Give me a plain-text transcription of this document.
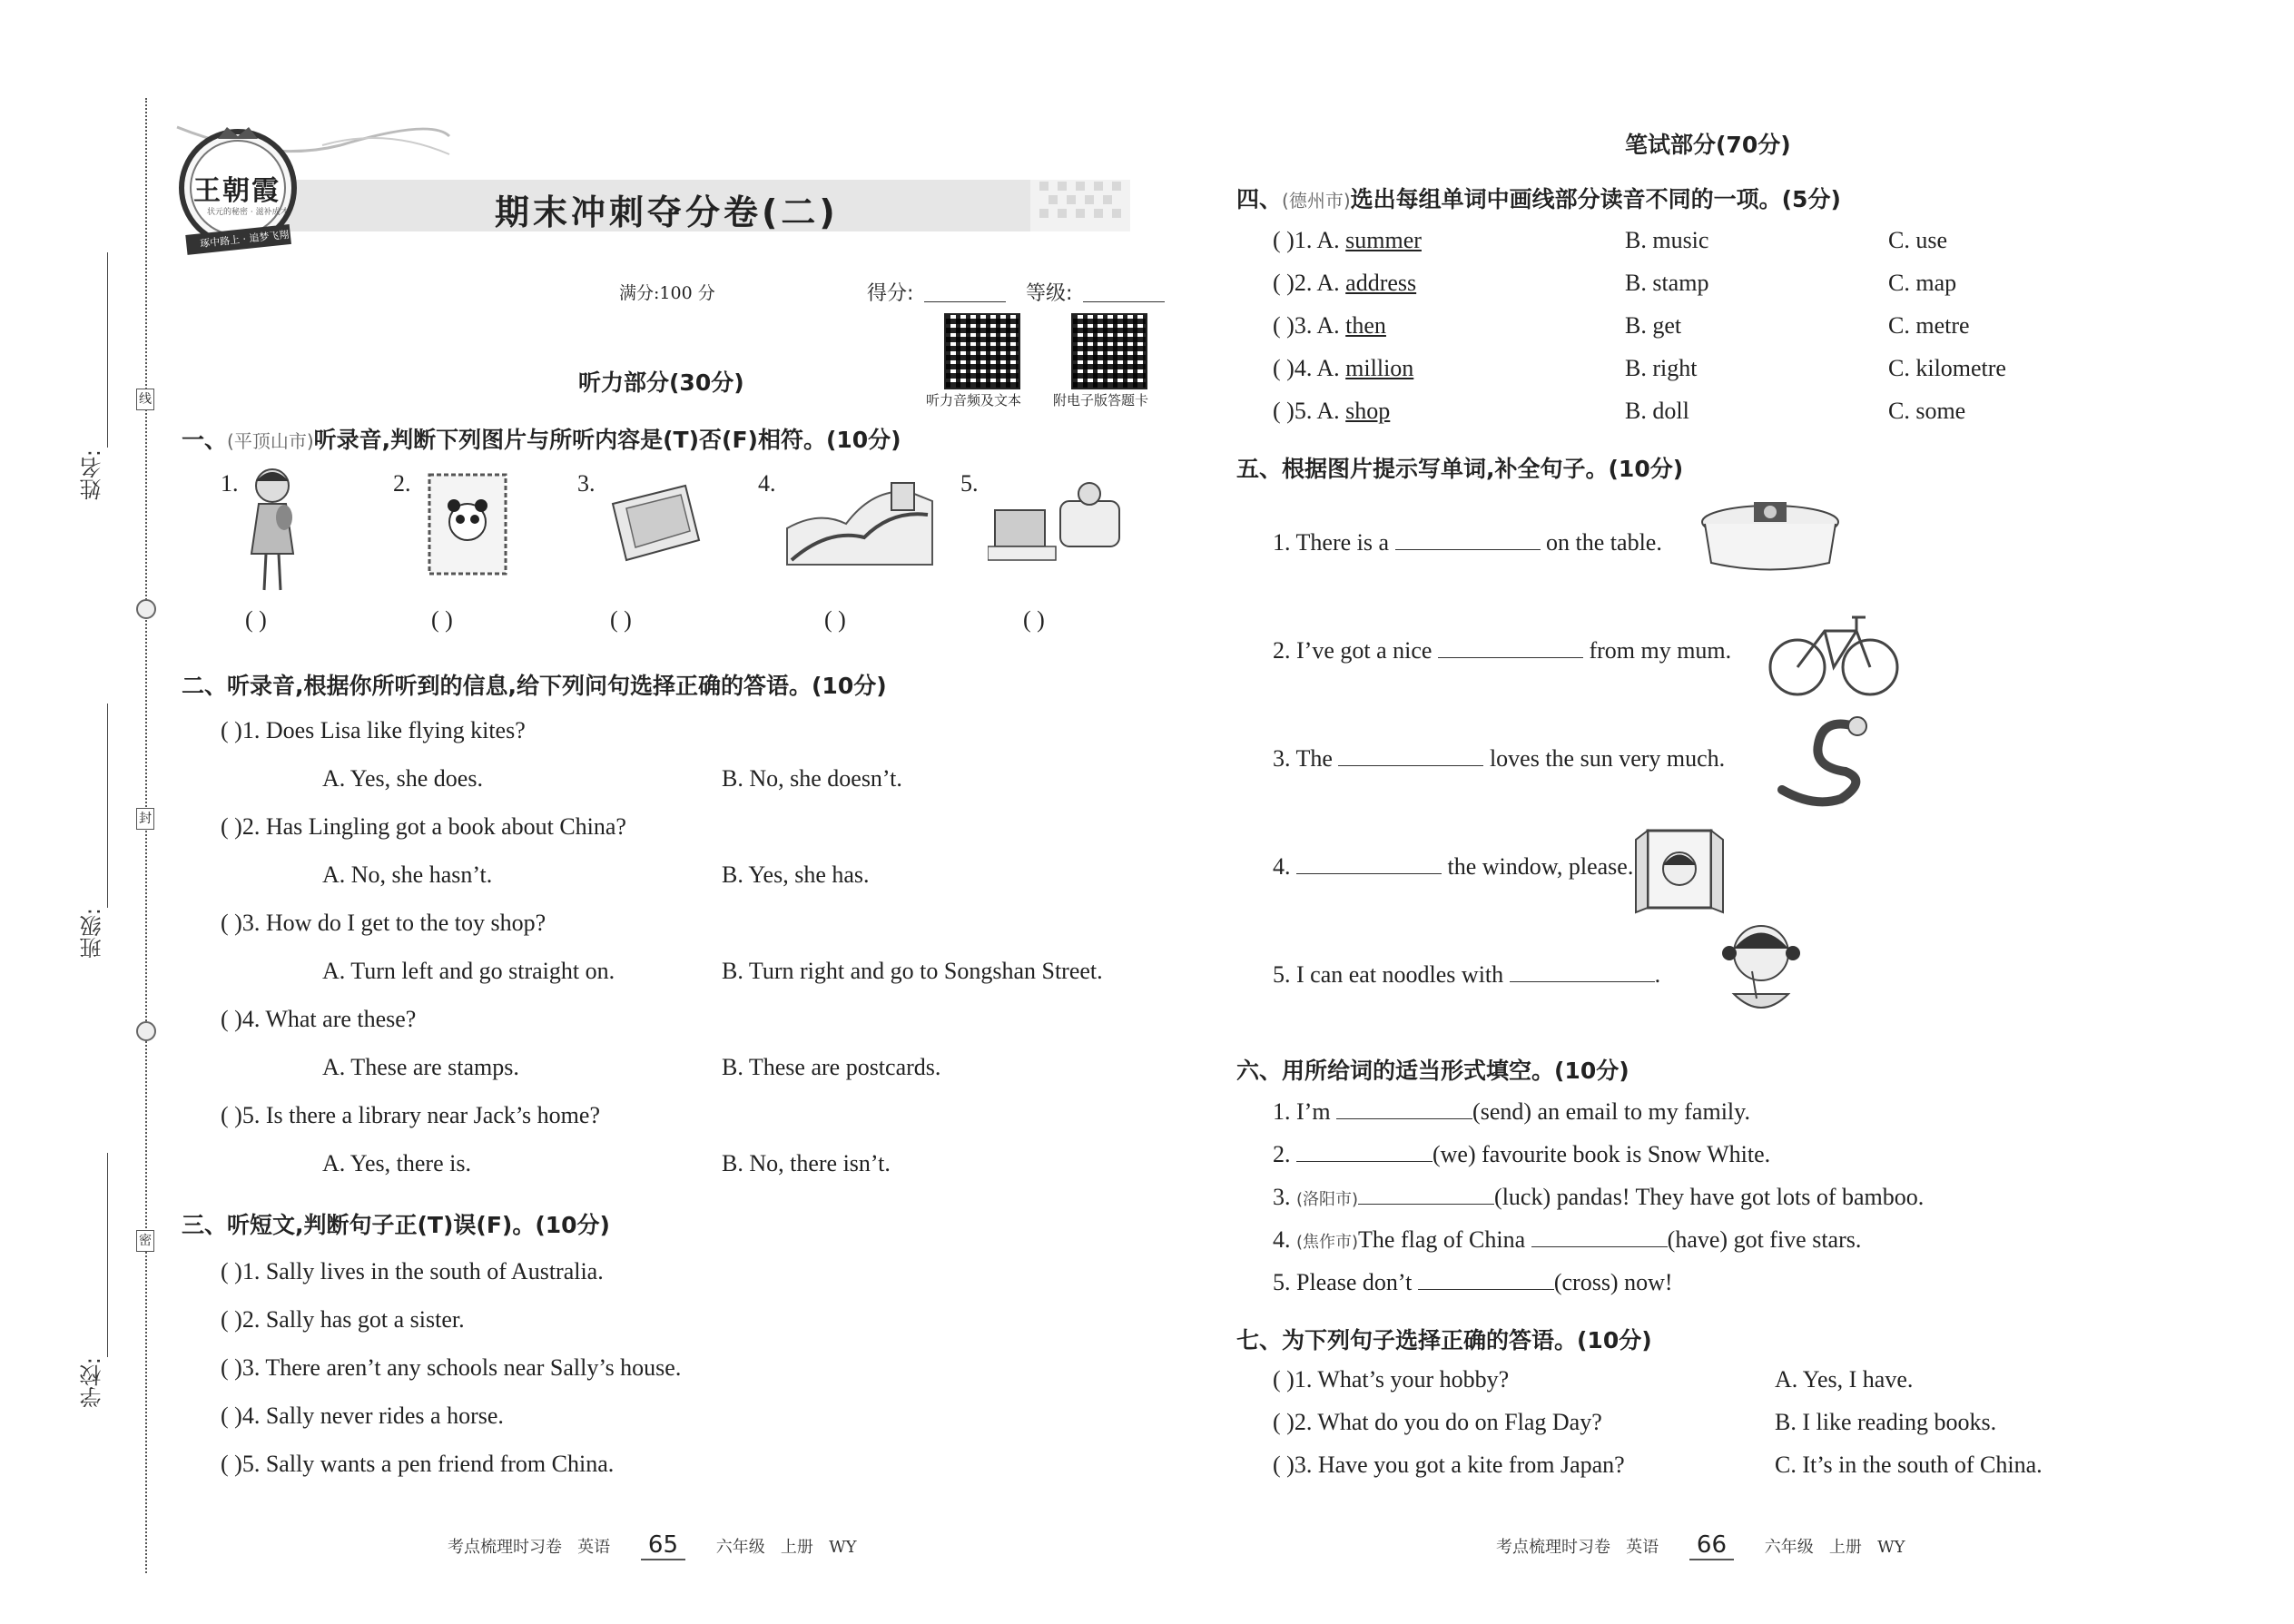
姓名:
班级:
学校:
线
封
密
王朝霞
状元的秘密 · 滋补成才
琢中路上 · 追梦飞翔
期末冲刺夺分卷(二)
满分:100 分	得分:	等级:
听力音频及文本 附电子版答题卡
听力部分(30分)
一、(平顶山市)听录音,判断下列图片与所听内容是(T)否(F)相符。(10分)
1.	2.	3.	4.	5.
( )	( )	( )	( )	( )
二、听录音,根据你所听到的信息,给下列问句选择正确的答语。(10分)
( )1. Does Lisa like flying kites?
A. Yes, she does.	B. No, she doesn’t.
( )2. Has Lingling got a book about China?
A. No, she hasn’t.	B. Yes, she has.
( )3. How do I get to the toy shop?
A. Turn left and go straight on.	B. Turn right and go to Songshan Street.
( )4. What are these?
A. These are stamps.	B. These are postcards.
( )5. Is there a library near Jack’s home?
A. Yes, there is.	B. No, there isn’t.
三、听短文,判断句子正(T)误(F)。(10分)
( )1. Sally lives in the south of Australia.
( )2. Sally has got a sister.
( )3. There aren’t any schools near Sally’s house.
( )4. Sally never rides a horse.
( )5. Sally wants a pen friend from China.
考点梳理时习卷 英语 65 六年级 上册 WY
笔试部分(70分)
四、(德州市)选出每组单词中画线部分读音不同的一项。(5分)
( )1. A. summer	B. music	C. use
( )2. A. address	B. stamp	C. map
( )3. A. then	B. get	C. metre
( )4. A. million	B. right	C. kilometre
( )5. A. shop	B. doll	C. some
五、根据图片提示写单词,补全句子。(10分)
1. There is a	on the table.
2. I’ve got a nice	from my mum.
3. The	loves the sun very much.
4.	the window, please.
5. I can eat noodles with	.
六、用所给词的适当形式填空。(10分)
1. I’m	(send) an email to my family.
2.	(we) favourite book is Snow White.
3. (洛阳市)	(luck) pandas! They have got lots of bamboo.
4. (焦作市)The flag of China	(have) got five stars.
5. Please don’t	(cross) now!
七、为下列句子选择正确的答语。(10分)
( )1. What’s your hobby?	A. Yes, I have.
( )2. What do you do on Flag Day?	B. I like reading books.
( )3. Have you got a kite from Japan?	C. It’s in the south of China.
考点梳理时习卷 英语 66 六年级 上册 WY
